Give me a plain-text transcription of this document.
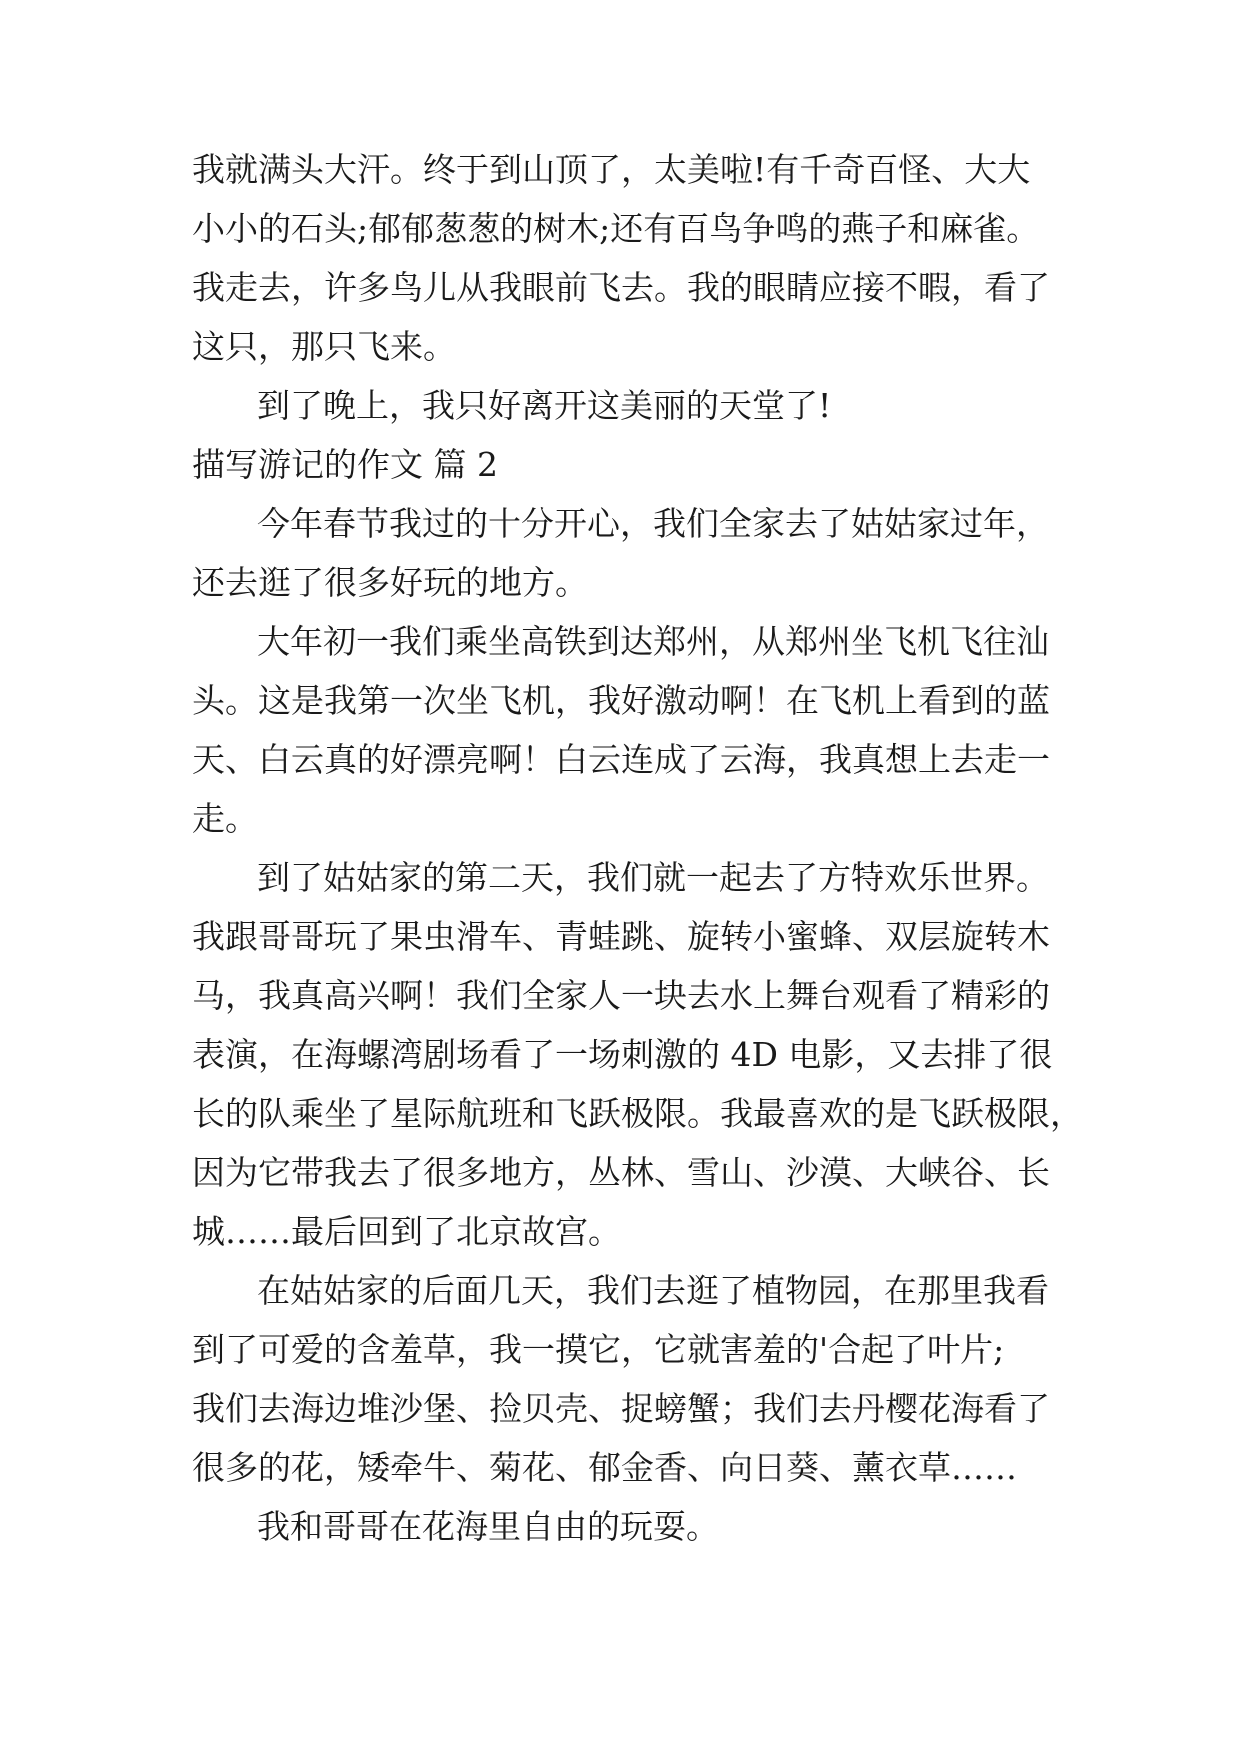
我就满头大汗。终于到山顶了，太美啦!有千奇百怪、大大
小小的石头;郁郁葱葱的树木;还有百鸟争鸣的燕子和麻雀。
我走去，许多鸟儿从我眼前飞去。我的眼睛应接不暇，看了
这只，那只飞来。
到了晚上，我只好离开这美丽的天堂了!
描写游记的作文 篇 2
今年春节我过的十分开心，我们全家去了姑姑家过年，
还去逛了很多好玩的地方。
大年初一我们乘坐高铁到达郑州，从郑州坐飞机飞往汕
头。这是我第一次坐飞机，我好激动啊！在飞机上看到的蓝
天、白云真的好漂亮啊！白云连成了云海，我真想上去走一
走。
到了姑姑家的第二天，我们就一起去了方特欢乐世界。
我跟哥哥玩了果虫滑车、青蛙跳、旋转小蜜蜂、双层旋转木
马，我真高兴啊！我们全家人一块去水上舞台观看了精彩的
表演，在海螺湾剧场看了一场刺激的 4D 电影，又去排了很
长的队乘坐了星际航班和飞跃极限。我最喜欢的是飞跃极限，
因为它带我去了很多地方，丛林、雪山、沙漠、大峡谷、长
城……最后回到了北京故宫。
在姑姑家的后面几天，我们去逛了植物园，在那里我看
到了可爱的含羞草，我一摸它，它就害羞的'合起了叶片;
我们去海边堆沙堡、捡贝壳、捉螃蟹；我们去丹樱花海看了
很多的花，矮牵牛、菊花、郁金香、向日葵、薰衣草……
我和哥哥在花海里自由的玩耍。
